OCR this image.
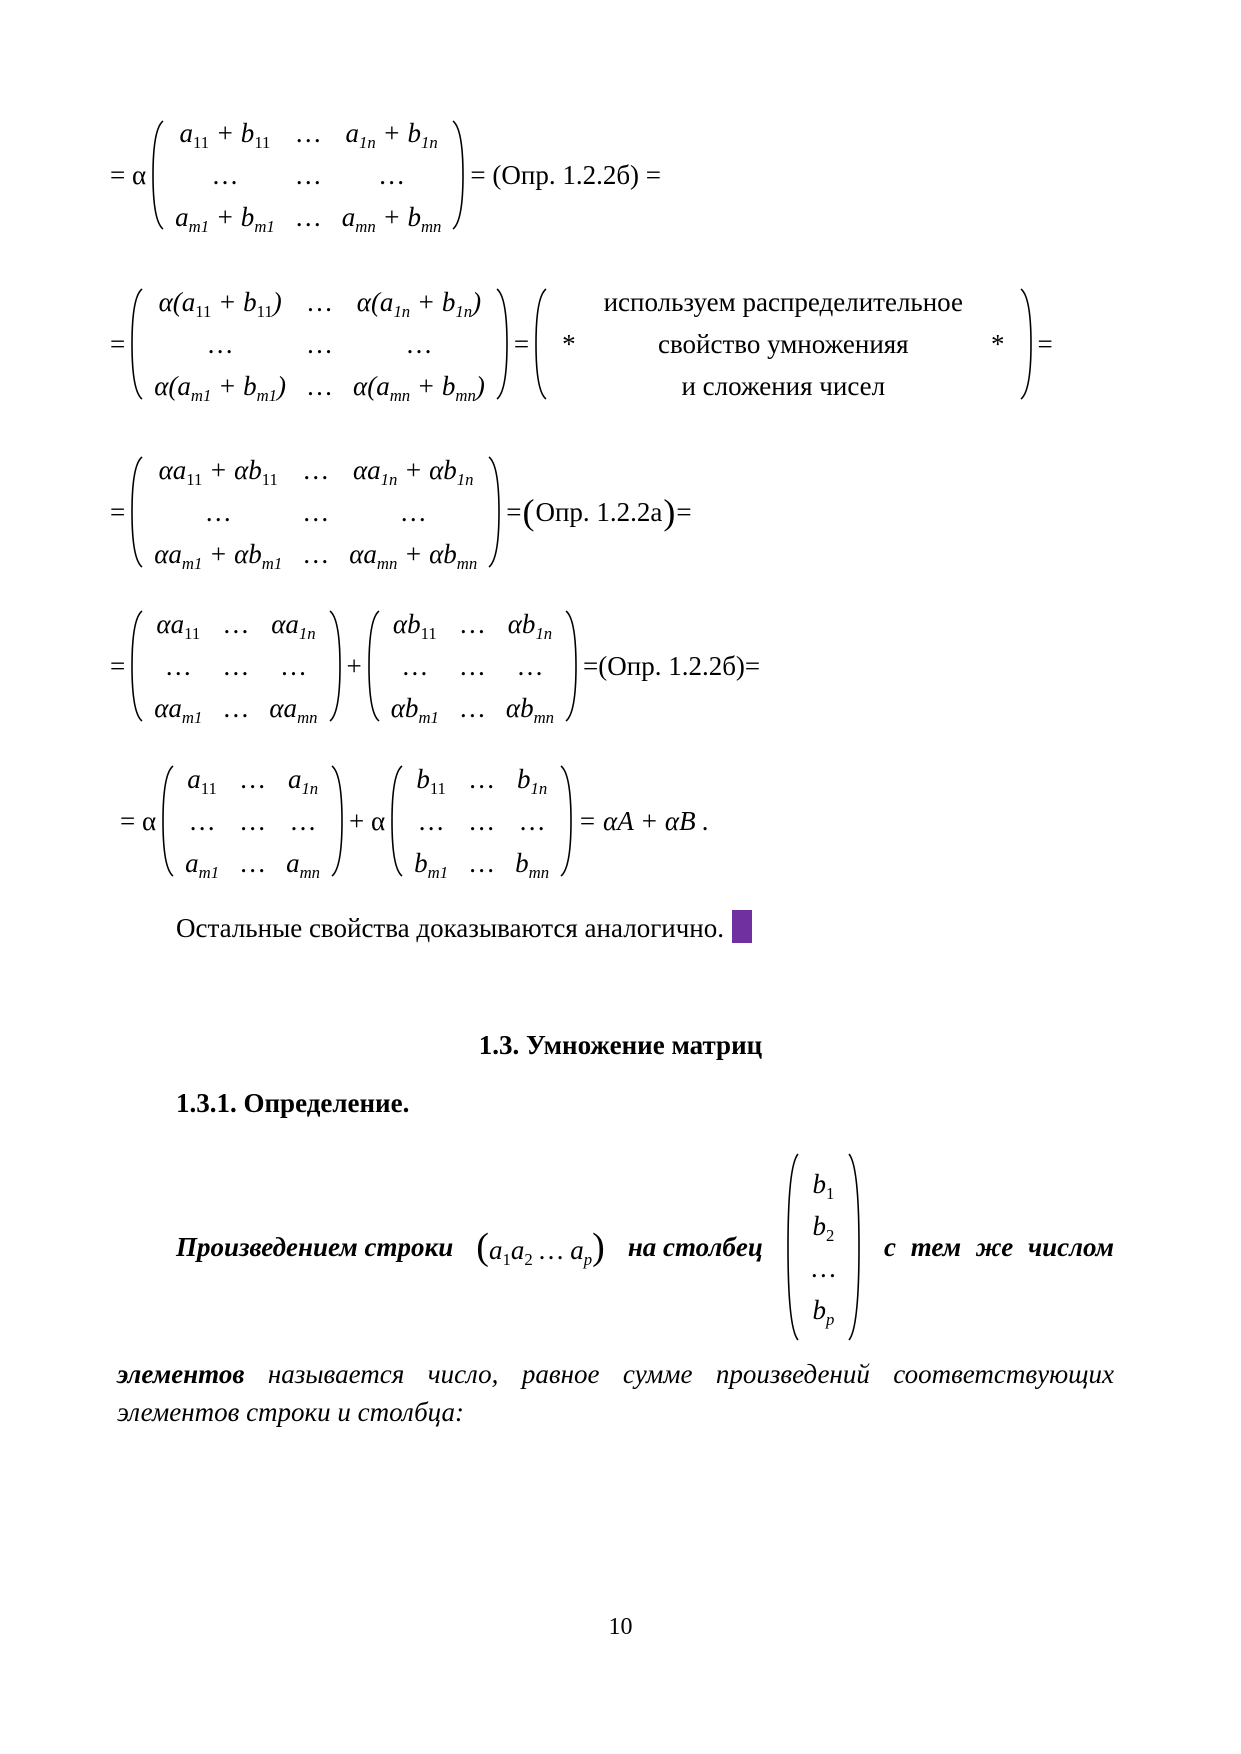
= α
$a_{11} + b_{11}$	…	$a_{1n} + b_{1n}$
…	…	…
$a_{m1} + b_{m1}$	…	$a_{mn} + b_{mn}$
= (Опр. 1.2.2б) =
=
$\alpha(a_{11} + b_{11})$	…	$\alpha(a_{1n} + b_{1n})$
…	…	…
$\alpha(a_{m1} + b_{m1})$	…	$\alpha(a_{mn} + b_{mn})$
=
	используем распределительное	
*	свойство умноженияя	*
	и сложения чисел	
=
=
$\alpha a_{11} + \alpha b_{11}$	…	$\alpha a_{1n} + \alpha b_{1n}$
…	…	…
$\alpha a_{m1} + \alpha b_{m1}$	…	$\alpha a_{mn} + \alpha b_{mn}$
= ( Опр. 1.2.2а ) =
=
$\alpha a_{11}$	…	$\alpha a_{1n}$
…	…	…
$\alpha a_{m1}$	…	$\alpha a_{mn}$
+
$\alpha b_{11}$	…	$\alpha b_{1n}$
…	…	…
$\alpha b_{m1}$	…	$\alpha b_{mn}$
=(Опр. 1.2.2б)=
= α
$a_{11}$	…	$a_{1n}$
…	…	…
$a_{m1}$	…	$a_{mn}$
+ α
$b_{11}$	…	$b_{1n}$
…	…	…
$b_{m1}$	…	$b_{mn}$
= αA + αB .
Остальные свойства доказываются аналогично.
1.3. Умножение матриц
1.3.1. Определение.
Произведением строки ($a_1a_2$ … $a_p$) на столбец
$b_1$
$b_2$
…
$b_p$
с тем же числом
элементов называется число, равное сумме произведений соответствующих элементов строки и столбца:
10
